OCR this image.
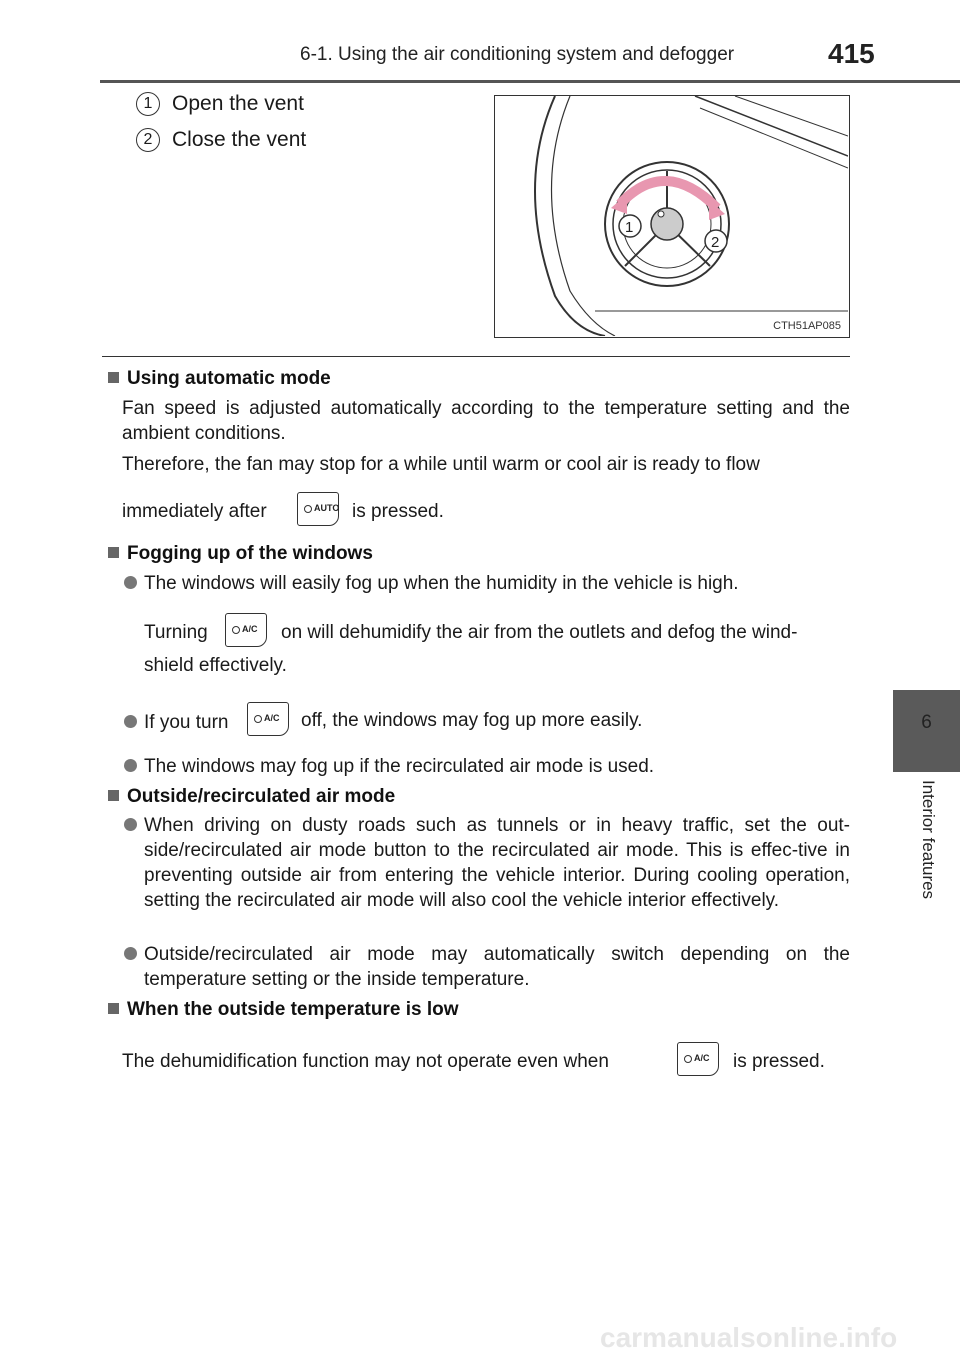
6-1. Using the air conditioning system and defogger	415
6
Interior features
1 Open the vent
2 Close the vent
1
2
CTH51AP085
Using automatic mode
Fan speed is adjusted automatically according to the temperature setting and the ambient conditions.
Therefore, the fan may stop for a while until warm or cool air is ready to flow
immediately after	AUTO is pressed.
Fogging up of the windows
The windows will easily fog up when the humidity in the vehicle is high.
Turning	A/C on will dehumidify the air from the outlets and defog the wind-
shield effectively.
If you turn	A/C off, the windows may fog up more easily.
The windows may fog up if the recirculated air mode is used.
Outside/recirculated air mode
When driving on dusty roads such as tunnels or in heavy traffic, set the out-side/recirculated air mode button to the recirculated air mode. This is effec-tive in preventing outside air from entering the vehicle interior. During cooling operation, setting the recirculated air mode will also cool the vehicle interior effectively.
Outside/recirculated air mode may automatically switch depending on the temperature setting or the inside temperature.
When the outside temperature is low
The dehumidification function may not operate even when	A/C is pressed.
carmanualsonline.info
